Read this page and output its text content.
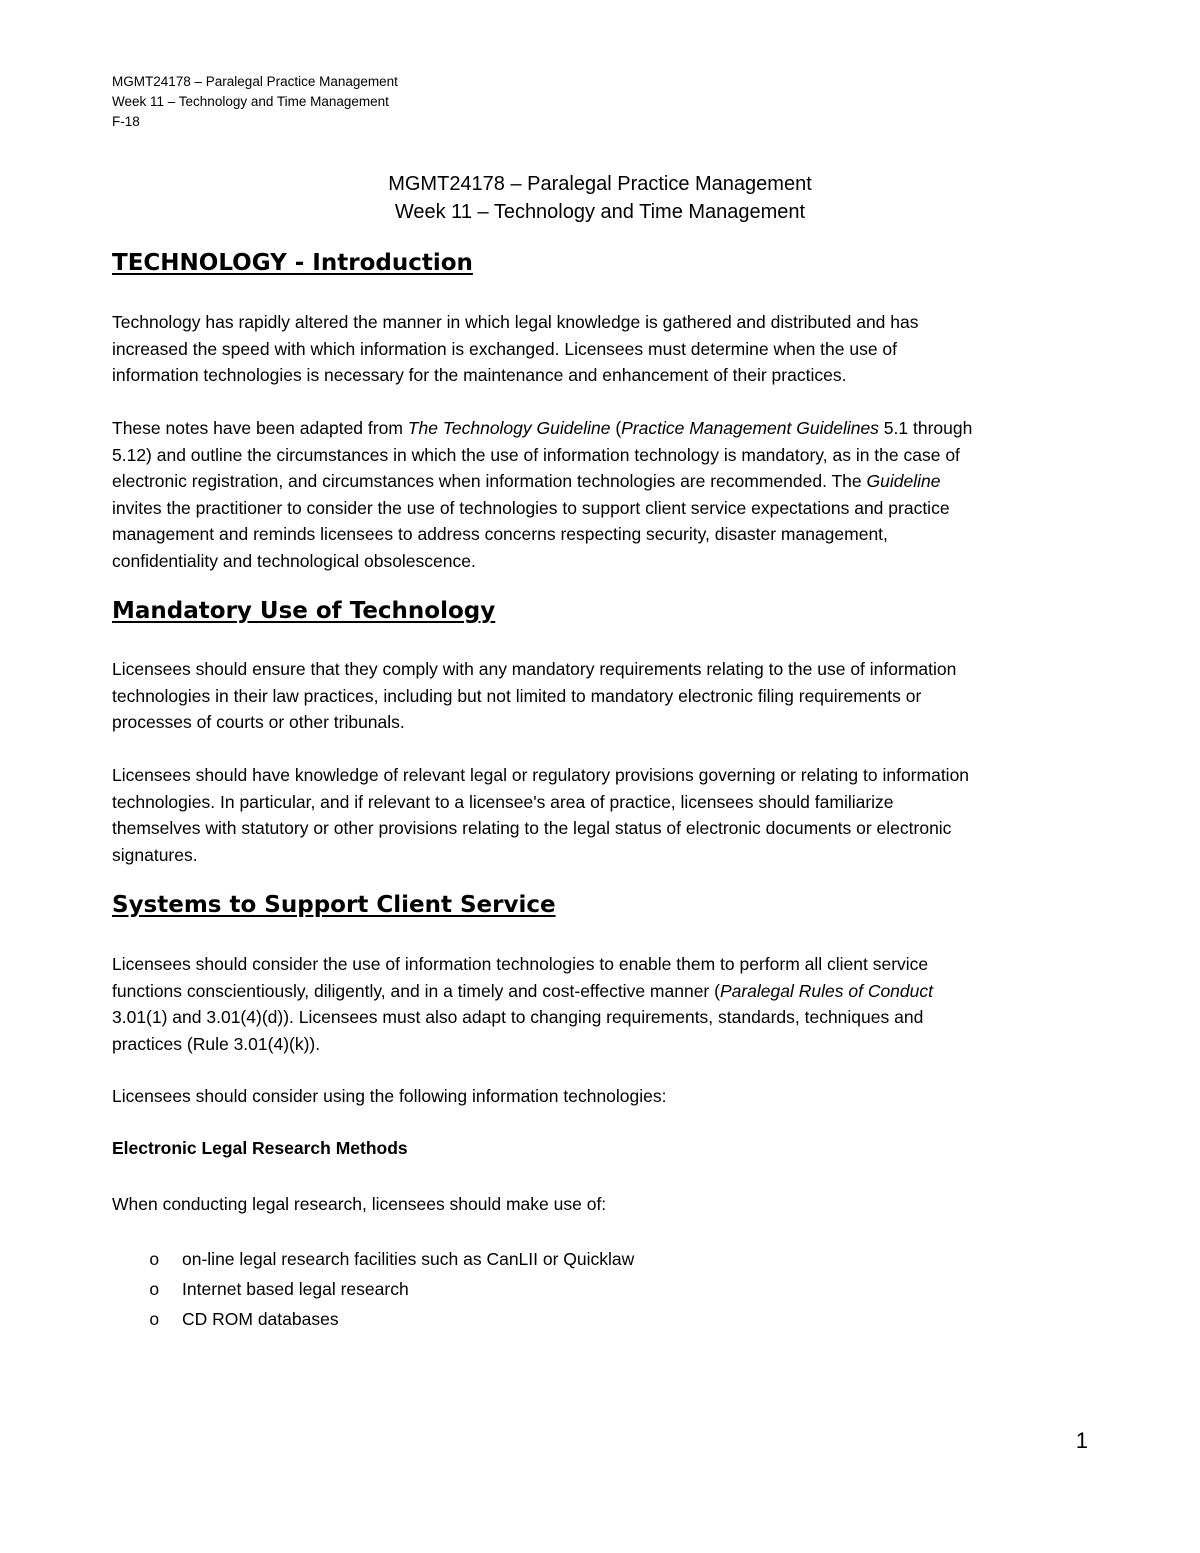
MGMT24178 – Paralegal Practice Management
Week 11 – Technology and Time Management
F-18
MGMT24178 – Paralegal Practice Management
Week 11 – Technology and Time Management
TECHNOLOGY - Introduction
Technology has rapidly altered the manner in which legal knowledge is gathered and distributed and has
increased the speed with which information is exchanged. Licensees must determine when the use of
information technologies is necessary for the maintenance and enhancement of their practices.
These notes have been adapted from The Technology Guideline (Practice Management Guidelines 5.1 through
5.12) and outline the circumstances in which the use of information technology is mandatory, as in the case of
electronic registration, and circumstances when information technologies are recommended. The Guideline
invites the practitioner to consider the use of technologies to support client service expectations and practice
management and reminds licensees to address concerns respecting security, disaster management,
confidentiality and technological obsolescence.
Mandatory Use of Technology
Licensees should ensure that they comply with any mandatory requirements relating to the use of information
technologies in their law practices, including but not limited to mandatory electronic filing requirements or
processes of courts or other tribunals.
Licensees should have knowledge of relevant legal or regulatory provisions governing or relating to information
technologies. In particular, and if relevant to a licensee's area of practice, licensees should familiarize
themselves with statutory or other provisions relating to the legal status of electronic documents or electronic
signatures.
Systems to Support Client Service
Licensees should consider the use of information technologies to enable them to perform all client service
functions conscientiously, diligently, and in a timely and cost-effective manner (Paralegal Rules of Conduct
3.01(1) and 3.01(4)(d)). Licensees must also adapt to changing requirements, standards, techniques and
practices (Rule 3.01(4)(k)).
Licensees should consider using the following information technologies:
Electronic Legal Research Methods
When conducting legal research, licensees should make use of:
o	on-line legal research facilities such as CanLII or Quicklaw
o	Internet based legal research
o	CD ROM databases
1
